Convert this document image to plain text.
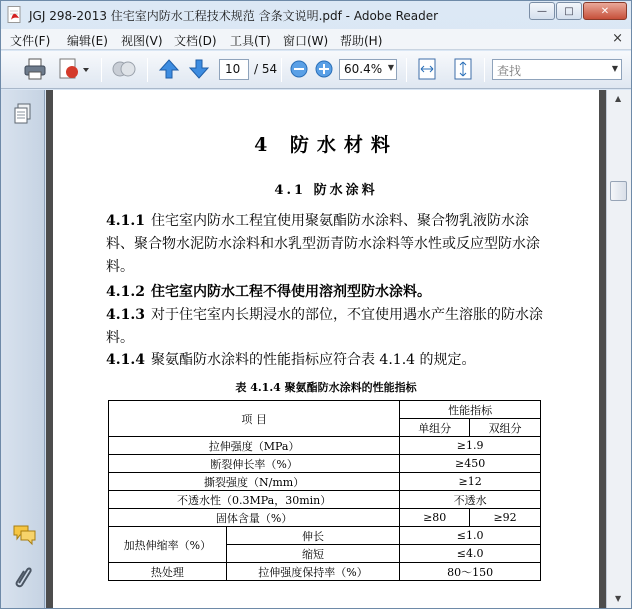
JGJ 298-2013 住宅室内防水工程技术规范 含条文说明.pdf - Adobe Reader	—	□	✕
文件(F) 编辑(E) 视图(V) 文档(D) 工具(T) 窗口(W) 帮助(H)	×
10	/ 54	60.4% ▼	查找	▼
4 防水材料
4.1 防水涂料
4.1.1 住宅室内防水工程宜使用聚氨酯防水涂料、聚合物乳液防水涂料、聚合物水泥防水涂料和水乳型沥青防水涂料等水性或反应型防水涂料。
4.1.2 住宅室内防水工程不得使用溶剂型防水涂料。
4.1.3 对于住宅室内长期浸水的部位，不宜使用遇水产生溶胀的防水涂料。
4.1.4 聚氨酯防水涂料的性能指标应符合表 4.1.4 的规定。
表 4.1.4 聚氨酯防水涂料的性能指标
项 目		性能指标	
		单组分	双组分
拉伸强度（MPa）		≥1.9	
断裂伸长率（%）		≥450	
撕裂强度（N/mm）		≥12	
不透水性（0.3MPa，30min）		不透水	
固体含量（%）		≥80	≥92
加热伸缩率（%）	伸长	≤1.0	
	缩短	≤4.0	
热处理	拉伸强度保持率（%）	80～150	
▲
▼
